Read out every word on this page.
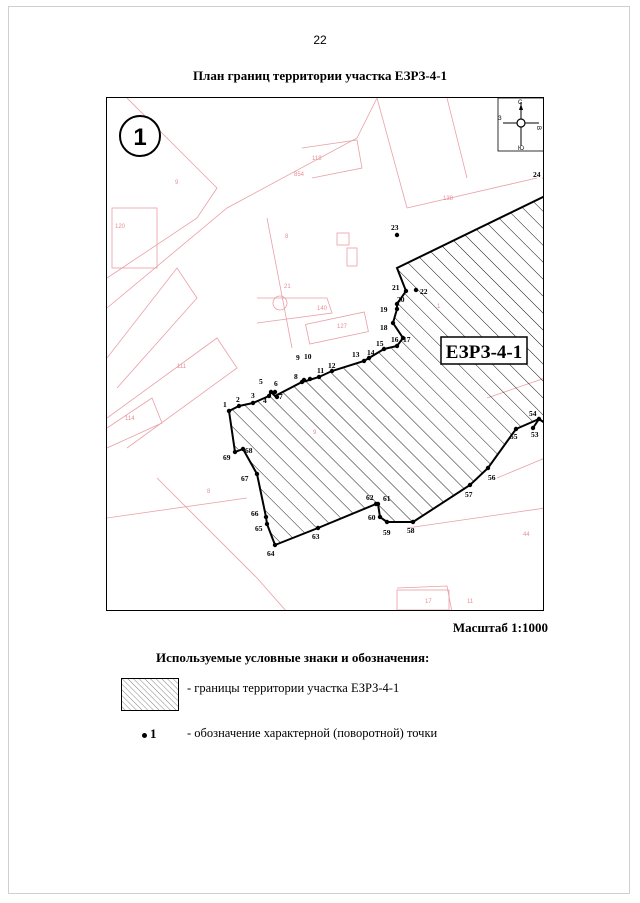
22
План границ территории участка ЕЗРЗ-4-1
118
854
120
9
8
21
140
127
111
114
8
44
11
17
138
ЕЗРЗ-4-1
1
С
Ю
З
В
1
2 3
4
5 6
7
8
9 10
11
12
13 14
15 16 17
18
19
20
21	22
23
24
53
54
55
56
57
58
59
60
61
62
63
64
65
66
67
68
69
Масштаб 1:1000
Используемые условные знаки и обозначения:
- границы территории участка ЕЗРЗ-4-1
1 - обозначение характерной (поворотной) точки
